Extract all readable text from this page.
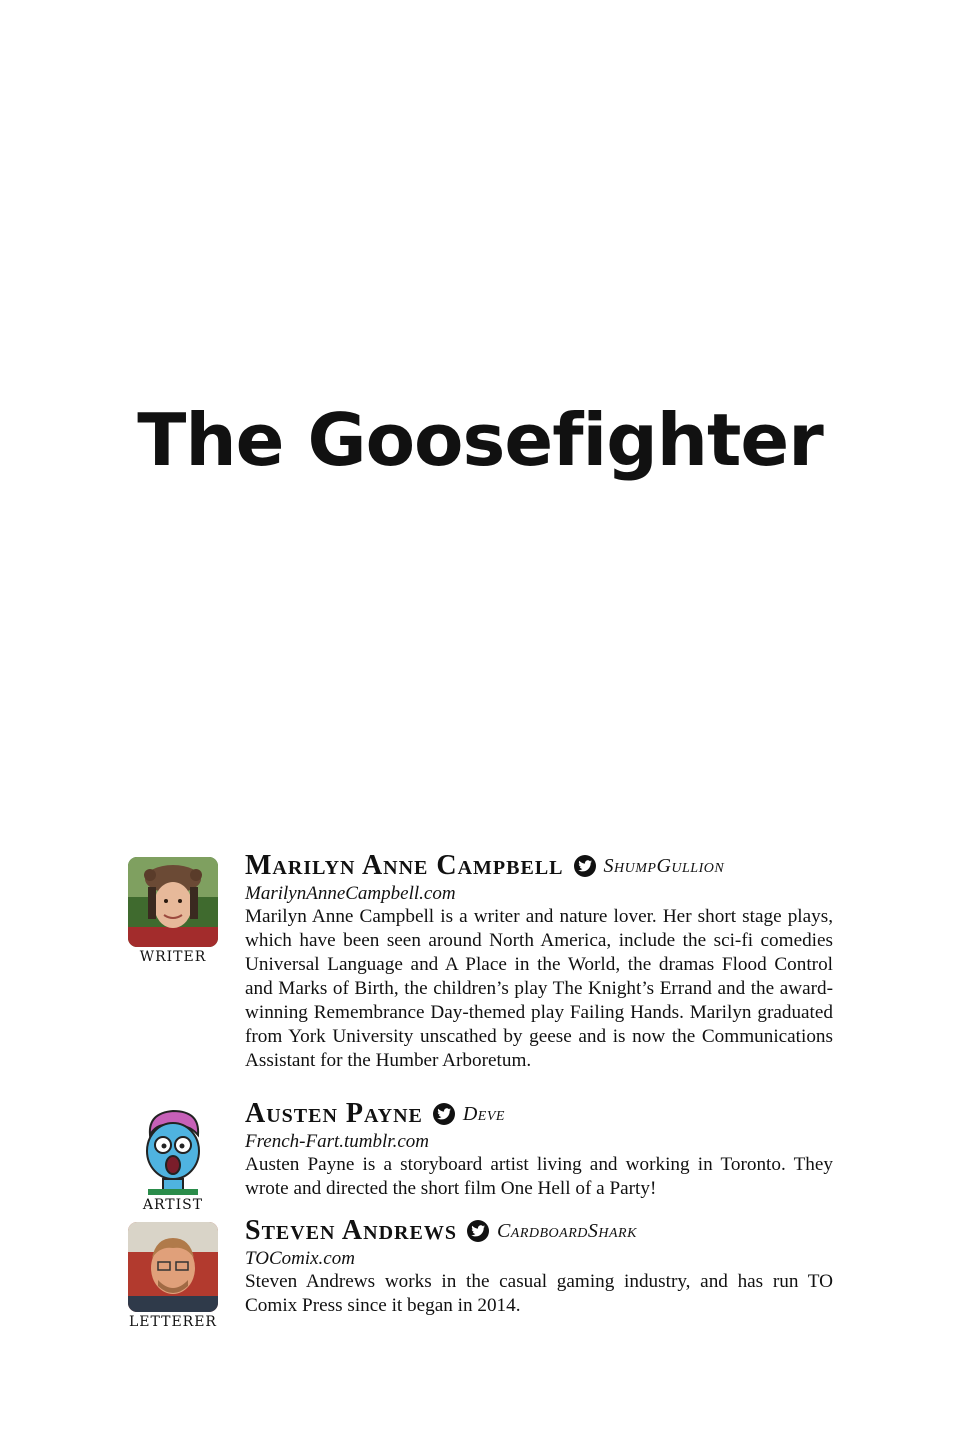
The Goosefighter
WRITER
Marilyn Anne Campbell ShumpGullion
MarilynAnneCampbell.com
Marilyn Anne Campbell is a writer and nature lover. Her short stage plays, which have been seen around North America, include the sci-fi comedies Universal Language and A Place in the World, the dramas Flood Control and Marks of Birth, the children’s play The Knight’s Errand and the award-winning Remembrance Day-themed play Failing Hands. Marilyn graduated from York University unscathed by geese and is now the Communications Assistant for the Humber Arboretum.
ARTIST
Austen Payne Deve
French-Fart.tumblr.com
Austen Payne is a storyboard artist living and working in Toronto. They wrote and directed the short film One Hell of a Party!
LETTERER
Steven Andrews CardboardShark
TOComix.com
Steven Andrews works in the casual gaming industry, and has run TO Comix Press since it began in 2014.
